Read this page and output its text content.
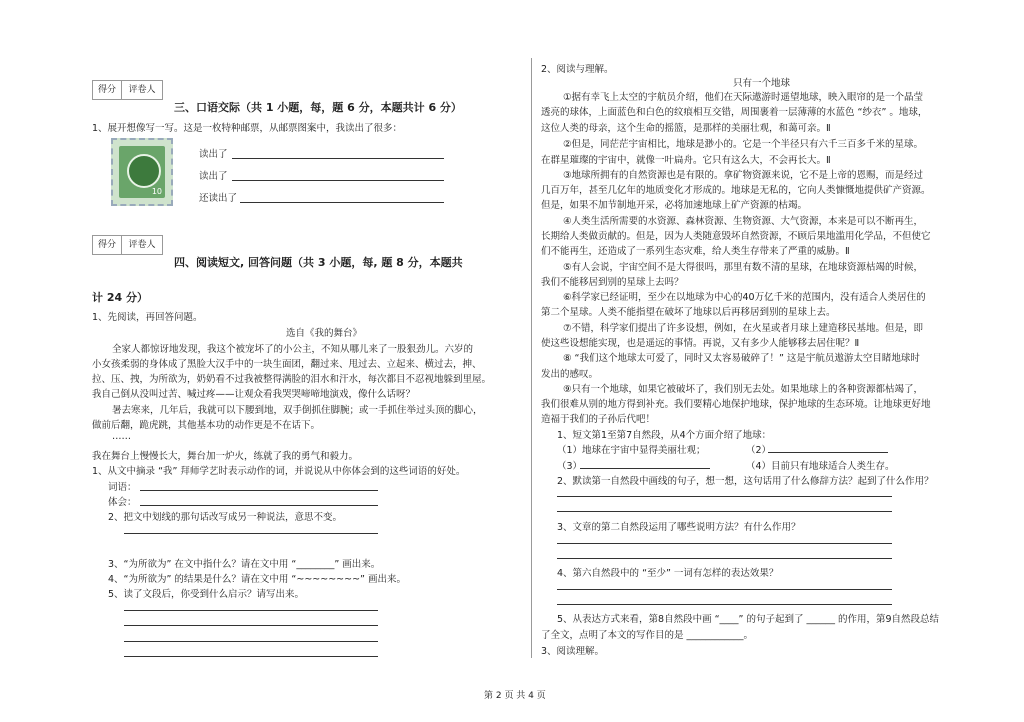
得分	评卷人
三、口语交际（共 1 小题，每，题 6 分，本题共计 6 分）
1、展开想像写一写。这是一枚特种邮票，从邮票图案中，我读出了很多：
10
读出了
读出了
还读出了
得分	评卷人
四、阅读短文, 回答问题（共 3 小题，每, 题 8 分，本题共
计 24 分）
1、先阅读，再回答问题。
选自《我的舞台》
全家人都惊讶地发现，我这个被宠坏了的小公主，不知从哪儿来了一股狠劲儿。六岁的
小女孩柔弱的身体成了黑脸大汉手中的一块生面团，翻过来、甩过去、立起来、横过去，抻、
拉、压、拽，为所欲为，奶奶看不过我被整得满脸的泪水和汗水，每次都目不忍视地躲到里屋。
我自己倒从没叫过苦、喊过疼——让观众看我哭哭啼啼地演戏，像什么话呀？
暑去寒来，几年后，我就可以下腰到地，双手倒抓住脚腕；或一手抓住举过头顶的脚心，
做前后翻，跪虎跳，其他基本功的动作更是不在话下。
……
我在舞台上慢慢长大，舞台加一炉火，练就了我的勇气和毅力。
1、从文中摘录 “我” 拜师学艺时表示动作的词，并说说从中你体会到的这些词语的好处。
词语：
体会：
2、把文中划线的那句话改写成另一种说法，意思不变。
3、“为所欲为” 在文中指什么？请在文中用 “________” 画出来。
4、“为所欲为” 的结果是什么？请在文中用 “~~~~~~~~” 画出来。
5、读了文段后，你受到什么启示？请写出来。
2、阅读与理解。
只有一个地球
①据有幸飞上太空的宇航员介绍，他们在天际遨游时遥望地球，映入眼帘的是一个晶莹
透亮的球体，上面蓝色和白色的纹痕相互交错，周围裹着一层薄薄的水蓝色 “纱衣” 。地球，
这位人类的母亲，这个生命的摇篮，是那样的美丽壮观，和蔼可亲。Ⅱ
②但是，同茫茫宇宙相比，地球是渺小的。它是一个半径只有六千三百多千米的星球。
在群星璀璨的宇宙中，就像一叶扁舟。它只有这么大，不会再长大。Ⅱ
③地球所拥有的自然资源也是有限的。拿矿物资源来说，它不是上帝的恩赐，而是经过
几百万年，甚至几亿年的地质变化才形成的。地球是无私的，它向人类慷慨地提供矿产资源。
但是，如果不加节制地开采，必将加速地球上矿产资源的枯竭。
④人类生活所需要的水资源、森林资源、生物资源、大气资源，本来是可以不断再生，
长期给人类做贡献的。但是，因为人类随意毁坏自然资源，不顾后果地滥用化学品，不但使它
们不能再生，还造成了一系列生态灾难，给人类生存带来了严重的威胁。Ⅱ
⑤有人会说，宇宙空间不是大得很吗，那里有数不清的星球，在地球资源枯竭的时候，
我们不能移居到别的星球上去吗？
⑥科学家已经证明，至少在以地球为中心的40万亿千米的范围内，没有适合人类居住的
第二个星球。人类不能指望在破坏了地球以后再移居到别的星球上去。
⑦不错，科学家们提出了许多设想，例如，在火星或者月球上建造移民基地。但是，即
使这些设想能实现，也是遥远的事情。再说，又有多少人能够移去居住呢？Ⅱ
⑧ “我们这个地球太可爱了，同时又太容易破碎了！” 这是宇航员遨游太空目睹地球时
发出的感叹。
⑨只有一个地球，如果它被破坏了，我们别无去处。如果地球上的各种资源都枯竭了，
我们很难从别的地方得到补充。我们要精心地保护地球，保护地球的生态环境。让地球更好地
造福于我们的子孙后代吧！
1、短文第1至第7自然段，从4个方面介绍了地球：
（1）地球在宇宙中显得美丽壮观；	（2）
（3）	（4）目前只有地球适合人类生存。
2、默读第一自然段中画线的句子，想一想，这句话用了什么修辞方法？起到了什么作用？
3、文章的第二自然段运用了哪些说明方法？有什么作用？
4、第六自然段中的 “至少” 一词有怎样的表达效果？
5、从表达方式来看，第8自然段中画 “____” 的句子起到了 ______ 的作用，第9自然段总结
了全文，点明了本文的写作目的是 ____________。
3、阅读理解。
第 2 页 共 4 页
